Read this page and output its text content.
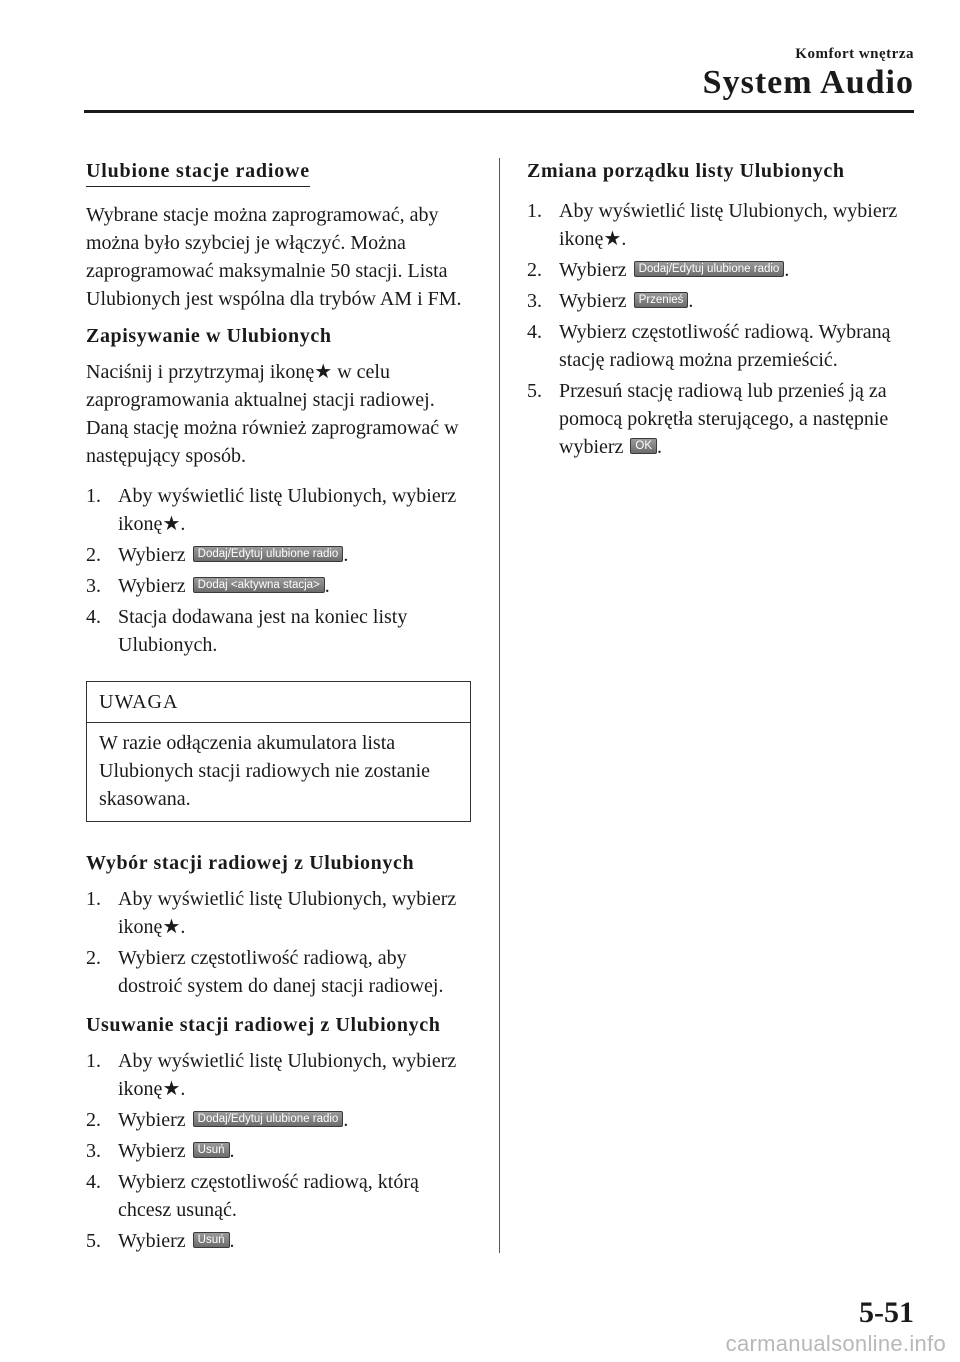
Komfort wnętrza
System Audio
Ulubione stacje radiowe

Wybrane stacje można zaprogramować, aby można było szybciej je włączyć. Można zaprogramować maksymalnie 50 stacji. Lista Ulubionych jest wspólna dla trybów AM i FM.

Zapisywanie w Ulubionych

Naciśnij i przytrzymaj ikonę★ w celu zaprogramowania aktualnej stacji radiowej. Daną stację można również zaprogramować w następujący sposób.

1. Aby wyświetlić listę Ulubionych, wybierz ikonę★.
2. Wybierz Dodaj/Edytuj ulubione radio .
3. Wybierz Dodaj <aktywna stacja> .
4. Stacja dodawana jest na koniec listy Ulubionych.
UWAGA
W razie odłączenia akumulatora lista Ulubionych stacji radiowych nie zostanie skasowana.
Wybór stacji radiowej z Ulubionych
1. Aby wyświetlić listę Ulubionych, wybierz ikonę★.
2. Wybierz częstotliwość radiową, aby dostroić system do danej stacji radiowej.
Usuwanie stacji radiowej z Ulubionych
1. Aby wyświetlić listę Ulubionych, wybierz ikonę★.
2. Wybierz Dodaj/Edytuj ulubione radio .
3. Wybierz Usuń .
4. Wybierz częstotliwość radiową, którą chcesz usunąć.
5. Wybierz Usuń .
Zmiana porządku listy Ulubionych
1. Aby wyświetlić listę Ulubionych, wybierz ikonę★.
2. Wybierz Dodaj/Edytuj ulubione radio .
3. Wybierz Przenieś .
4. Wybierz częstotliwość radiową. Wybraną stację radiową można przemieścić.
5. Przesuń stację radiową lub przenieś ją za pomocą pokrętła sterującego, a następnie wybierz OK .
5-51
carmanualsonline.info
